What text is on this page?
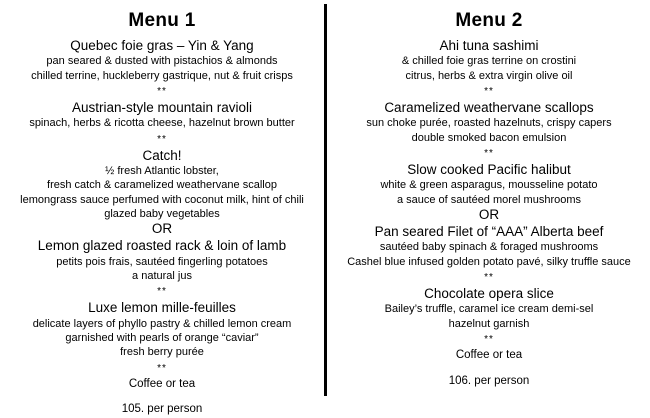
Menu 1

Quebec foie gras – Yin & Yang

pan seared & dusted with pistachios & almonds

chilled terrine, huckleberry gastrique, nut & fruit crisps

**

Austrian-style mountain ravioli

spinach, herbs & ricotta cheese, hazelnut brown butter

**

Catch!

½ fresh Atlantic lobster,

fresh catch & caramelized weathervane scallop

lemongrass sauce perfumed with coconut milk, hint of chili

glazed baby vegetables

OR

Lemon glazed roasted rack & loin of lamb

petits pois frais, sautéed fingerling potatoes

a natural jus

**

Luxe lemon mille-feuilles

delicate layers of phyllo pastry & chilled lemon cream

garnished with pearls of orange “caviar”

fresh berry purée

**

Coffee or tea

105. per person

Menu 2

Ahi tuna sashimi

& chilled foie gras terrine on crostini

citrus, herbs & extra virgin olive oil

**

Caramelized weathervane scallops

sun choke purée, roasted hazelnuts, crispy capers

double smoked bacon emulsion

**

Slow cooked Pacific halibut

white & green asparagus, mousseline potato

a sauce of sautéed morel mushrooms

OR

Pan seared Filet of “AAA” Alberta beef

sautéed baby spinach & foraged mushrooms

Cashel blue infused golden potato pavé, silky truffle sauce

**

Chocolate opera slice

Bailey’s truffle, caramel ice cream demi-sel

hazelnut garnish

**

Coffee or tea

106. per person
